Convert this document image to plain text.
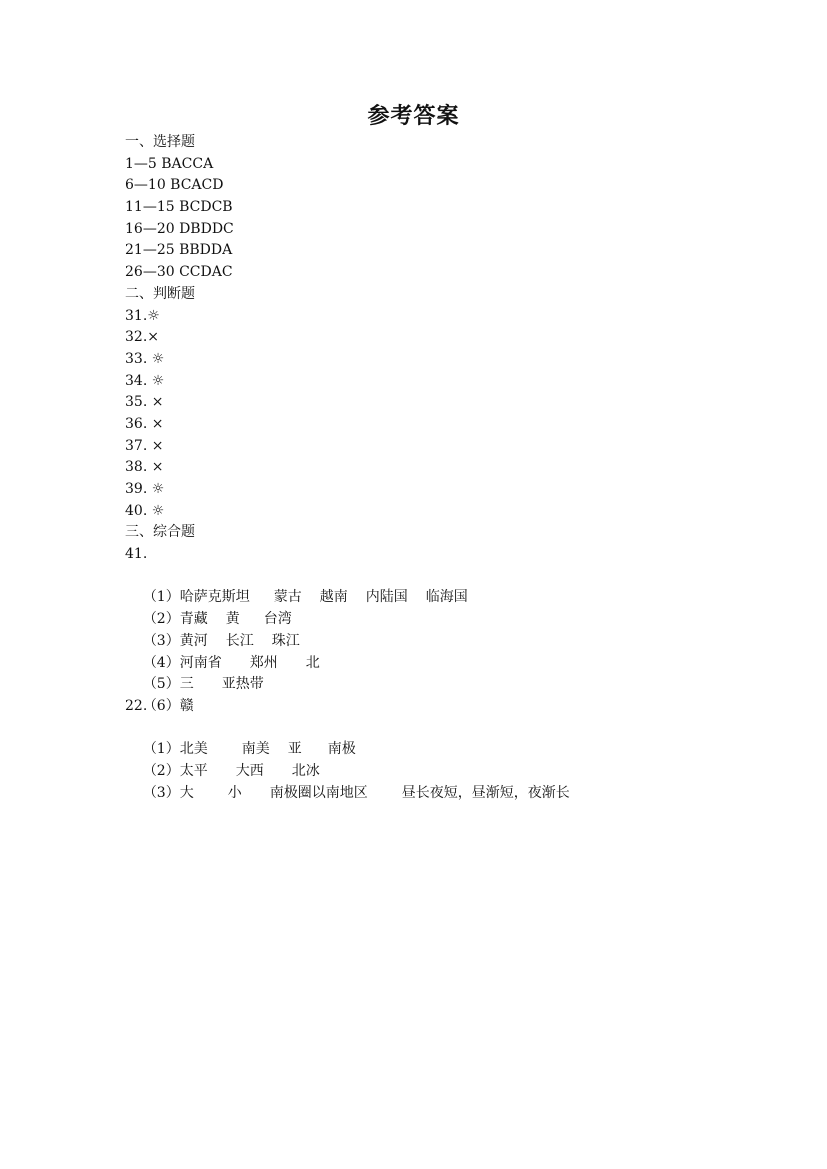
参考答案
一、选择题
1—5 BACCA
6—10 BCACD
11—15 BCDCB
16—20 DBDDC
21—25 BBDDA
26—30 CCDAC
二、判断题
31.☼
32.×
33. ☼
34. ☼
35. ×
36. ×
37. ×
38. ×
39. ☼
40. ☼
三、综合题
41.

（1）哈萨克斯坦 蒙古 越南 内陆国 临海国

（2）青藏 黄 台湾

（3）黄河 长江 珠江

（4）河南省 郑州 北

（5）三 亚热带

（6）赣

22.

（1）北美 南美 亚 南极

（2）太平 大西 北冰

（3）大 小 南极圈以南地区 昼长夜短，昼渐短，夜渐长
